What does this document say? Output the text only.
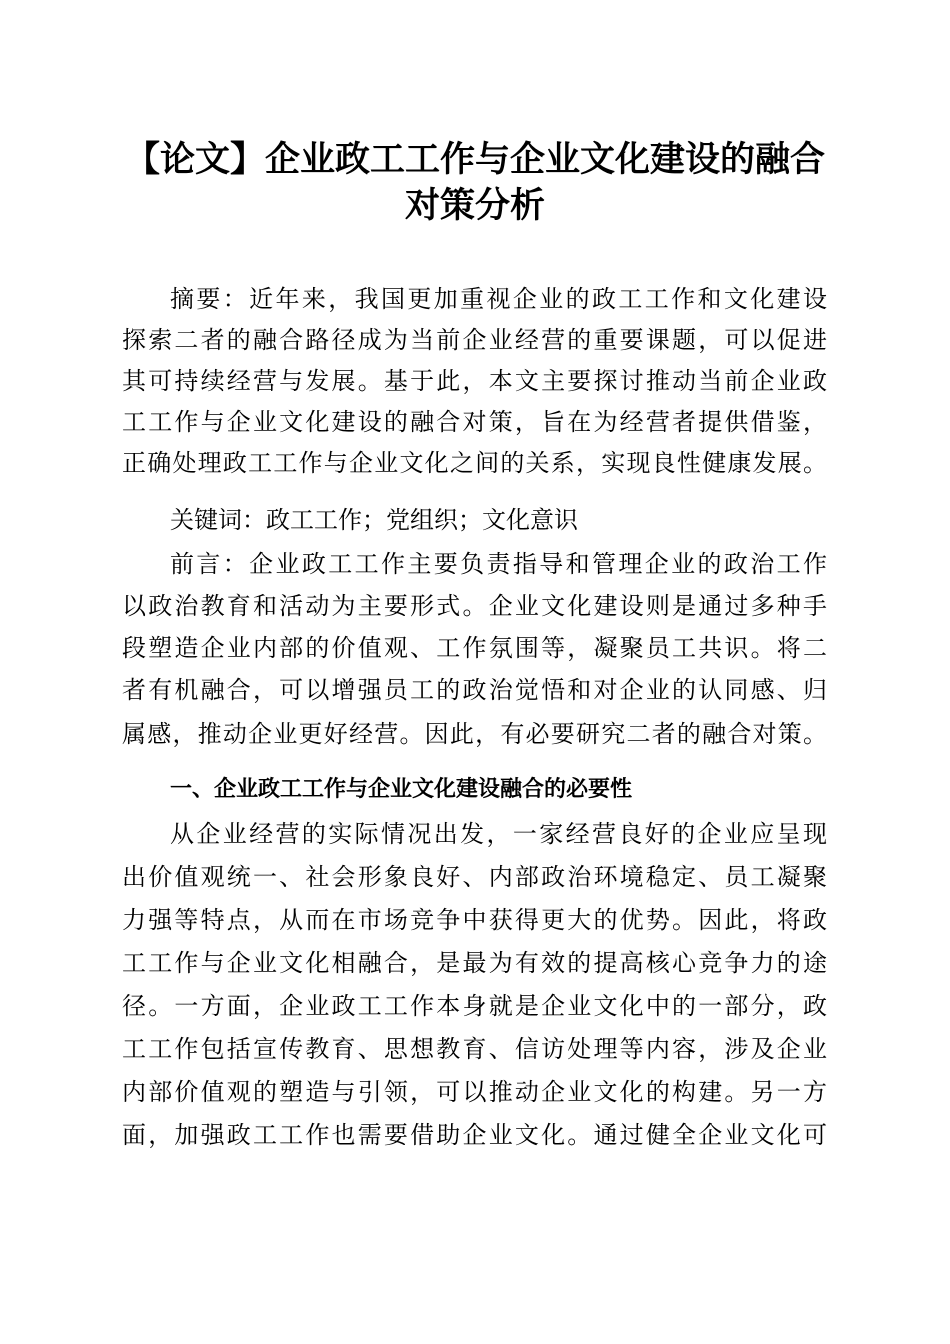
【论文】企业政工工作与企业文化建设的融合
对策分析
摘要：近年来，我国更加重视企业的政工工作和文化建设
探索二者的融合路径成为当前企业经营的重要课题，可以促进
其可持续经营与发展。基于此，本文主要探讨推动当前企业政
工工作与企业文化建设的融合对策，旨在为经营者提供借鉴，
正确处理政工工作与企业文化之间的关系，实现良性健康发展。
关键词：政工工作；党组织；文化意识
前言：企业政工工作主要负责指导和管理企业的政治工作
以政治教育和活动为主要形式。企业文化建设则是通过多种手
段塑造企业内部的价值观、工作氛围等，凝聚员工共识。将二
者有机融合，可以增强员工的政治觉悟和对企业的认同感、归
属感，推动企业更好经营。因此，有必要研究二者的融合对策。
一、企业政工工作与企业文化建设融合的必要性
从企业经营的实际情况出发，一家经营良好的企业应呈现
出价值观统一、社会形象良好、内部政治环境稳定、员工凝聚
力强等特点，从而在市场竞争中获得更大的优势。因此，将政
工工作与企业文化相融合，是最为有效的提高核心竞争力的途
径。一方面，企业政工工作本身就是企业文化中的一部分，政
工工作包括宣传教育、思想教育、信访处理等内容，涉及企业
内部价值观的塑造与引领，可以推动企业文化的构建。另一方
面，加强政工工作也需要借助企业文化。通过健全企业文化可
